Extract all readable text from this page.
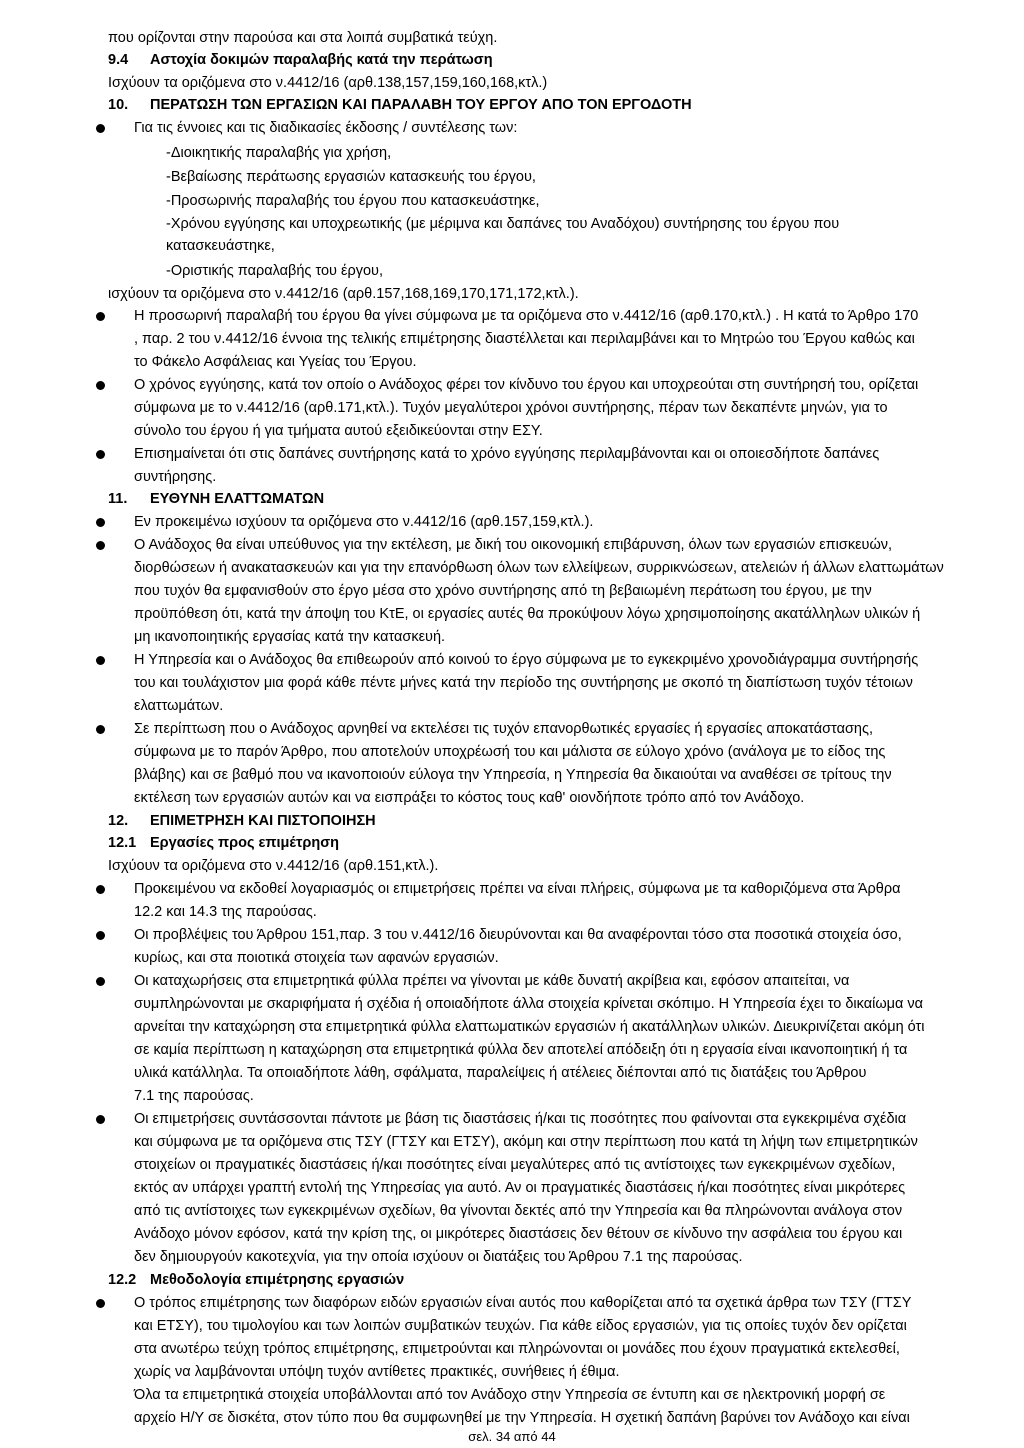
που ορίζονται στην παρούσα και στα λοιπά συμβατικά τεύχη.
9.4 Αστοχία δοκιμών παραλαβής κατά την περάτωση
Ισχύουν τα οριζόμενα στο ν.4412/16 (αρθ.138,157,159,160,168,κτλ.)
10. ΠΕΡΑΤΩΣΗ ΤΩΝ ΕΡΓΑΣΙΩΝ ΚΑΙ ΠΑΡΑΛΑΒΗ ΤΟΥ ΕΡΓΟΥ ΑΠΟ ΤΟΝ ΕΡΓΟΔΟΤΗ
Για τις έννοιες και τις διαδικασίες έκδοσης / συντέλεσης των:
-Διοικητικής παραλαβής για χρήση,
-Βεβαίωσης περάτωσης εργασιών κατασκευής του έργου,
-Προσωρινής παραλαβής του έργου που κατασκευάστηκε,
-Χρόνου εγγύησης και υποχρεωτικής (με μέριμνα και δαπάνες του Αναδόχου) συντήρησης του έργου που
κατασκευάστηκε,
-Οριστικής παραλαβής του έργου,
ισχύουν τα οριζόμενα στο ν.4412/16 (αρθ.157,168,169,170,171,172,κτλ.).
Η προσωρινή παραλαβή του έργου θα γίνει σύμφωνα με τα οριζόμενα στο ν.4412/16 (αρθ.170,κτλ.) . Η κατά το Άρθρο 170
, παρ. 2 του ν.4412/16 έννοια της τελικής επιμέτρησης διαστέλλεται και περιλαμβάνει και το Μητρώο του Έργου καθώς και
το Φάκελο Ασφάλειας και Υγείας του Έργου.
Ο χρόνος εγγύησης, κατά τον οποίο ο Ανάδοχος φέρει τον κίνδυνο του έργου και υποχρεούται στη συντήρησή του, ορίζεται
σύμφωνα με το ν.4412/16 (αρθ.171,κτλ.). Τυχόν μεγαλύτεροι χρόνοι συντήρησης, πέραν των δεκαπέντε μηνών, για το
σύνολο του έργου ή για τμήματα αυτού εξειδικεύονται στην ΕΣΥ.
Επισημαίνεται ότι στις δαπάνες συντήρησης κατά το χρόνο εγγύησης περιλαμβάνονται και οι οποιεσδήποτε δαπάνες
συντήρησης.
11. ΕΥΘΥΝΗ ΕΛΑΤΤΩΜΑΤΩΝ
Εν προκειμένω ισχύουν τα οριζόμενα στο ν.4412/16 (αρθ.157,159,κτλ.).
Ο Ανάδοχος θα είναι υπεύθυνος για την εκτέλεση, με δική του οικονομική επιβάρυνση, όλων των εργασιών επισκευών,
διορθώσεων ή ανακατασκευών και για την επανόρθωση όλων των ελλείψεων, συρρικνώσεων, ατελειών ή άλλων ελαττωμάτων
που τυχόν θα εμφανισθούν στο έργο μέσα στο χρόνο συντήρησης από τη βεβαιωμένη περάτωση του έργου, με την
προϋπόθεση ότι, κατά την άποψη του ΚτΕ, οι εργασίες αυτές θα προκύψουν λόγω χρησιμοποίησης ακατάλληλων υλικών ή
μη ικανοποιητικής εργασίας κατά την κατασκευή.
Η Υπηρεσία και ο Ανάδοχος θα επιθεωρούν από κοινού το έργο σύμφωνα με το εγκεκριμένο χρονοδιάγραμμα συντήρησής
του και τουλάχιστον μια φορά κάθε πέντε μήνες κατά την περίοδο της συντήρησης με σκοπό τη διαπίστωση τυχόν τέτοιων
ελαττωμάτων.
Σε περίπτωση που ο Ανάδοχος αρνηθεί να εκτελέσει τις τυχόν επανορθωτικές εργασίες ή εργασίες αποκατάστασης,
σύμφωνα με το παρόν Άρθρο, που αποτελούν υποχρέωσή του και μάλιστα σε εύλογο χρόνο (ανάλογα με το είδος της
βλάβης) και σε βαθμό που να ικανοποιούν εύλογα την Υπηρεσία, η Υπηρεσία θα δικαιούται να αναθέσει σε τρίτους την
εκτέλεση των εργασιών αυτών και να εισπράξει το κόστος τους καθ' οιονδήποτε τρόπο από τον Ανάδοχο.
12. ΕΠΙΜΕΤΡΗΣΗ ΚΑΙ ΠΙΣΤΟΠΟΙΗΣΗ
12.1 Εργασίες προς επιμέτρηση
Ισχύουν τα οριζόμενα στο ν.4412/16 (αρθ.151,κτλ.).
Προκειμένου να εκδοθεί λογαριασμός οι επιμετρήσεις πρέπει να είναι πλήρεις, σύμφωνα με τα καθοριζόμενα στα Άρθρα
12.2 και 14.3 της παρούσας.
Οι προβλέψεις του Άρθρου 151,παρ. 3 του ν.4412/16 διευρύνονται και θα αναφέρονται τόσο στα ποσοτικά στοιχεία όσο,
κυρίως, και στα ποιοτικά στοιχεία των αφανών εργασιών.
Οι καταχωρήσεις στα επιμετρητικά φύλλα πρέπει να γίνονται με κάθε δυνατή ακρίβεια και, εφόσον απαιτείται, να
συμπληρώνονται με σκαριφήματα ή σχέδια ή οποιαδήποτε άλλα στοιχεία κρίνεται σκόπιμο. Η Υπηρεσία έχει το δικαίωμα να
αρνείται την καταχώρηση στα επιμετρητικά φύλλα ελαττωματικών εργασιών ή ακατάλληλων υλικών. Διευκρινίζεται ακόμη ότι
σε καμία περίπτωση η καταχώρηση στα επιμετρητικά φύλλα δεν αποτελεί απόδειξη ότι η εργασία είναι ικανοποιητική ή τα
υλικά κατάλληλα. Τα οποιαδήποτε λάθη, σφάλματα, παραλείψεις ή ατέλειες διέπονται από τις διατάξεις του Άρθρου
7.1 της παρούσας.
Οι επιμετρήσεις συντάσσονται πάντοτε με βάση τις διαστάσεις ή/και τις ποσότητες που φαίνονται στα εγκεκριμένα σχέδια
και σύμφωνα με τα οριζόμενα στις ΤΣΥ (ΓΤΣΥ και ΕΤΣΥ), ακόμη και στην περίπτωση που κατά τη λήψη των επιμετρητικών
στοιχείων οι πραγματικές διαστάσεις ή/και ποσότητες είναι μεγαλύτερες από τις αντίστοιχες των εγκεκριμένων σχεδίων,
εκτός αν υπάρχει γραπτή εντολή της Υπηρεσίας για αυτό. Αν οι πραγματικές διαστάσεις ή/και ποσότητες είναι μικρότερες
από τις αντίστοιχες των εγκεκριμένων σχεδίων, θα γίνονται δεκτές από την Υπηρεσία και θα πληρώνονται ανάλογα στον
Ανάδοχο μόνον εφόσον, κατά την κρίση της, οι μικρότερες διαστάσεις δεν θέτουν σε κίνδυνο την ασφάλεια του έργου και
δεν δημιουργούν κακοτεχνία, για την οποία ισχύουν οι διατάξεις του Άρθρου 7.1 της παρούσας.
12.2 Μεθοδολογία επιμέτρησης εργασιών
Ο τρόπος επιμέτρησης των διαφόρων ειδών εργασιών είναι αυτός που καθορίζεται από τα σχετικά άρθρα των ΤΣΥ (ΓΤΣΥ
και ΕΤΣΥ), του τιμολογίου και των λοιπών συμβατικών τευχών. Για κάθε είδος εργασιών, για τις οποίες τυχόν δεν ορίζεται
στα ανωτέρω τεύχη τρόπος επιμέτρησης, επιμετρούνται και πληρώνονται οι μονάδες που έχουν πραγματικά εκτελεσθεί,
χωρίς να λαμβάνονται υπόψη τυχόν αντίθετες πρακτικές, συνήθειες ή έθιμα.
Όλα τα επιμετρητικά στοιχεία υποβάλλονται από τον Ανάδοχο στην Υπηρεσία σε έντυπη και σε ηλεκτρονική μορφή σε
αρχείο Η/Υ σε δισκέτα, στον τύπο που θα συμφωνηθεί με την Υπηρεσία. Η σχετική δαπάνη βαρύνει τον Ανάδοχο και είναι
σελ. 34 από 44
